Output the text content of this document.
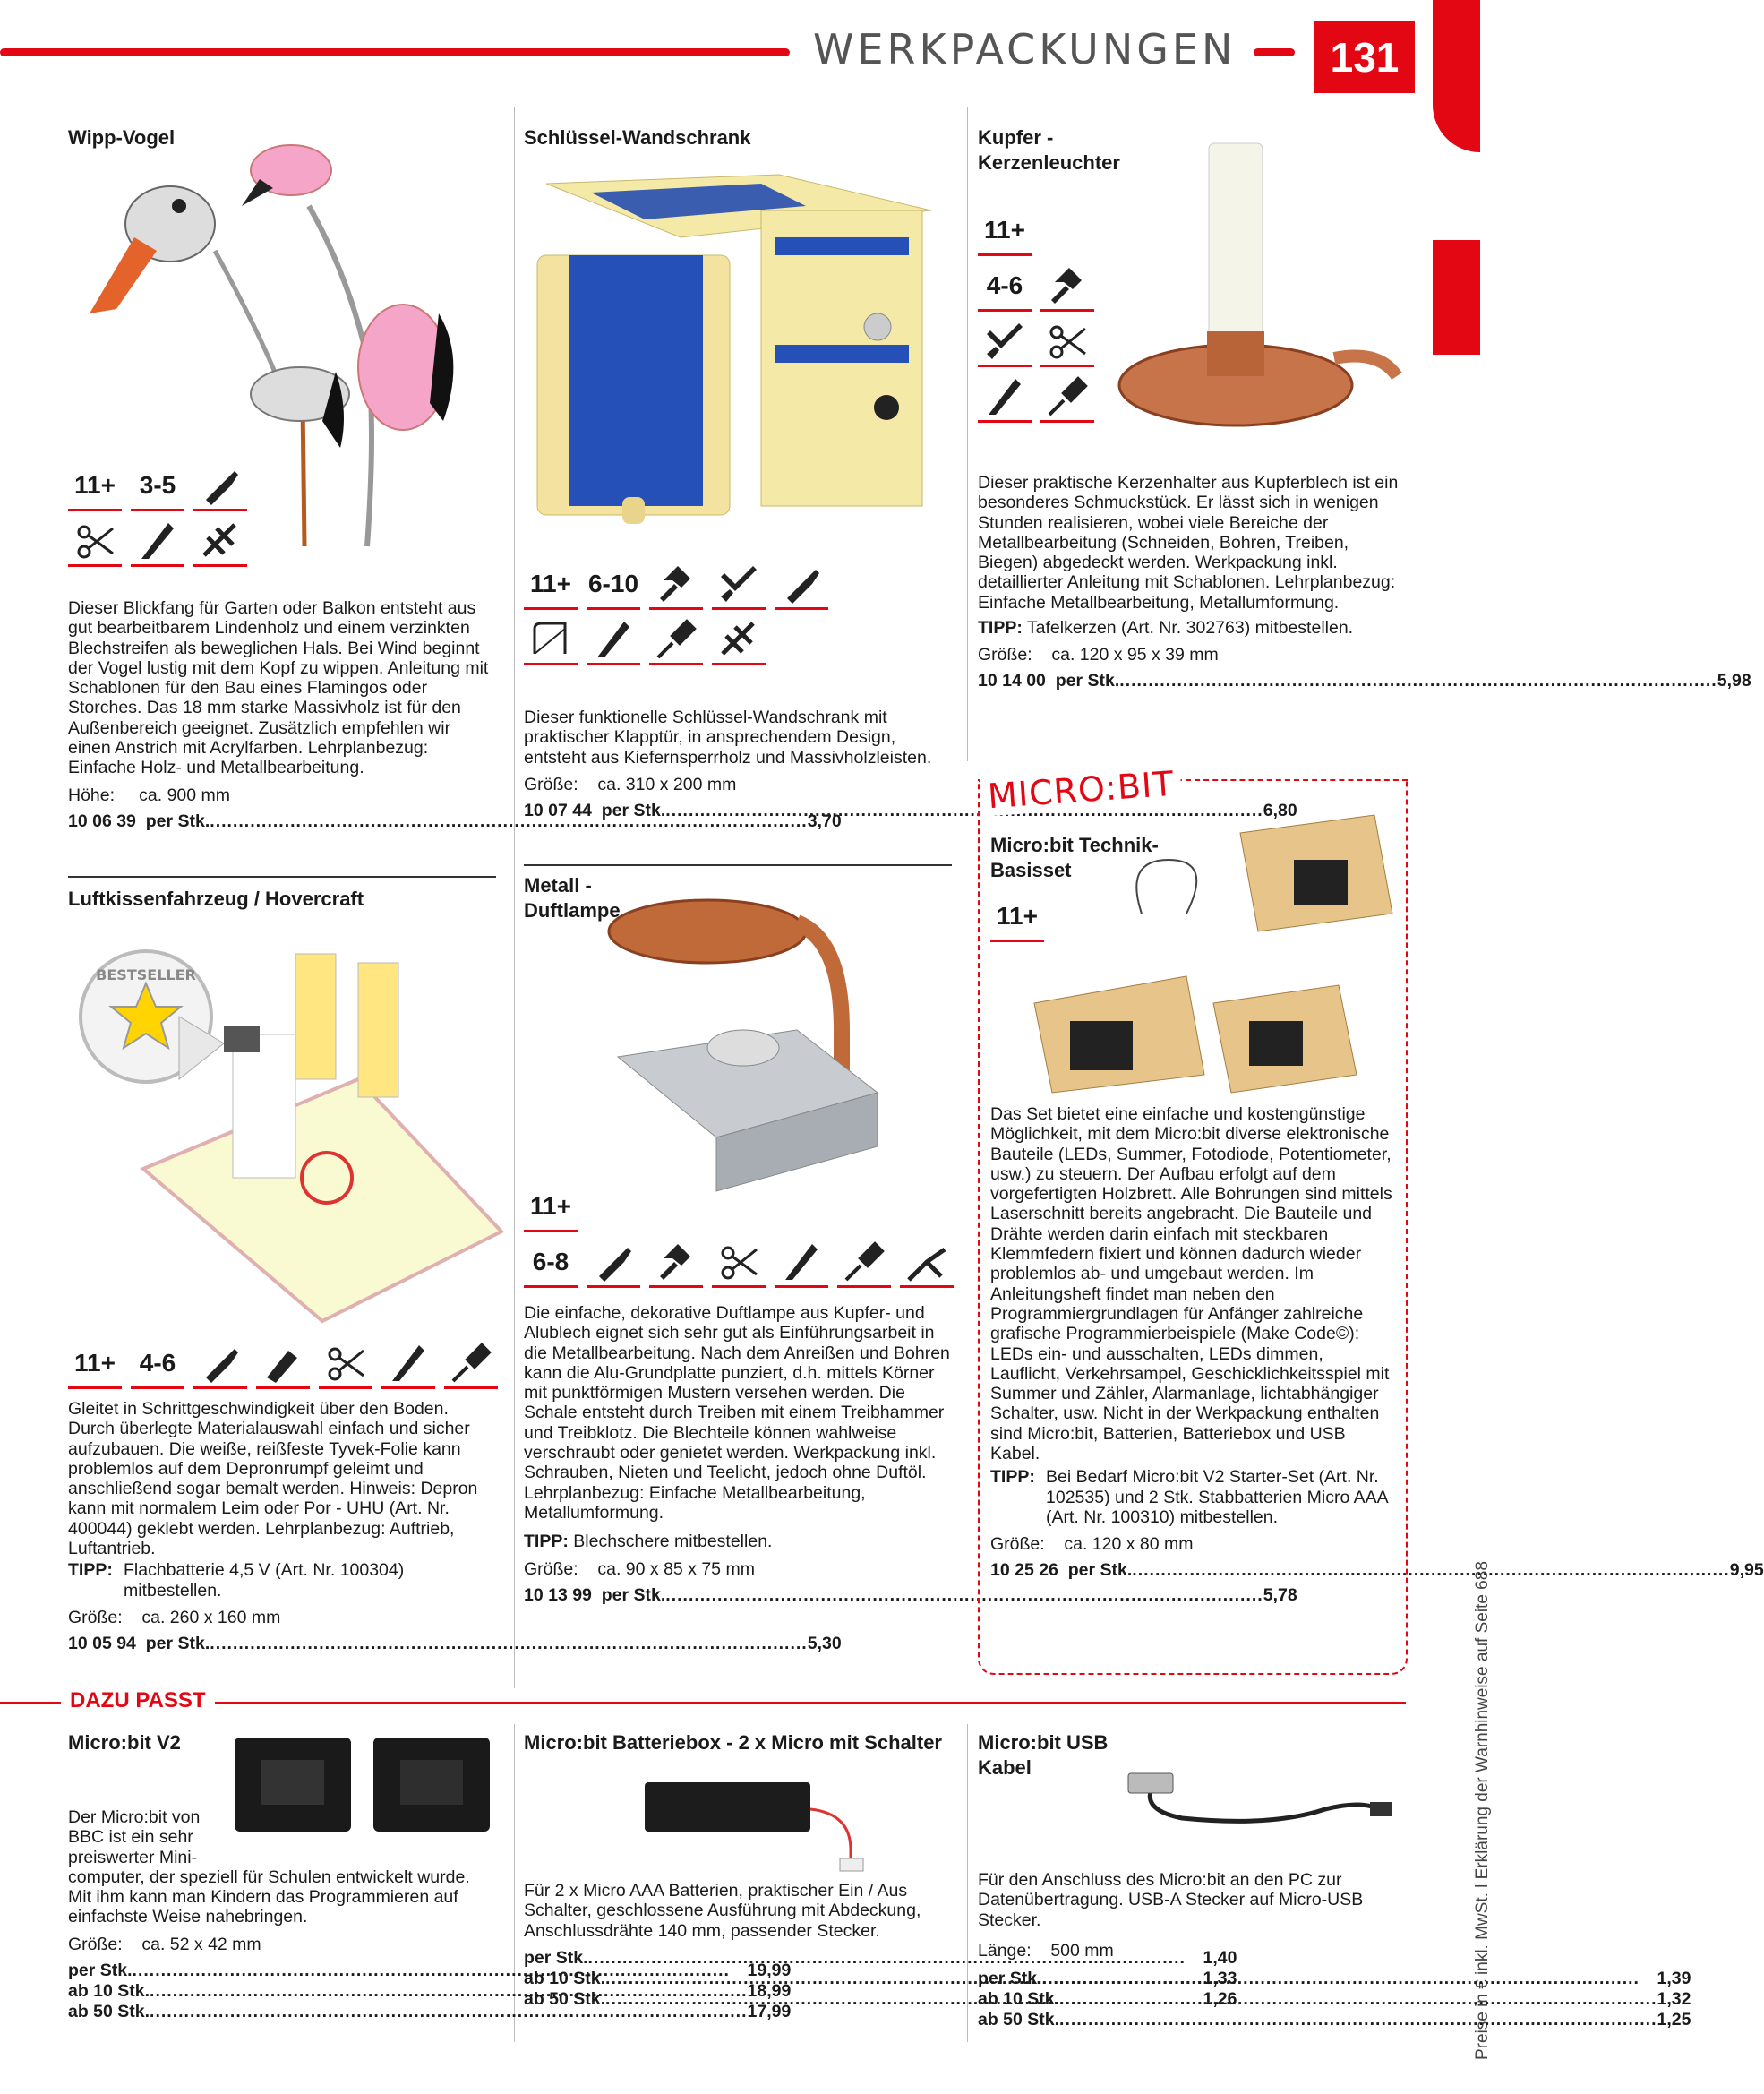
WERKPACKUNGEN	131
Preise in € inkl. MwSt. l Erklärung der Warnhinweise auf Seite 688
Wipp-Vogel
11+ 3-5
Dieser Blickfang für Garten oder Balkon entsteht aus gut bearbeitbarem Lindenholz und einem verzinkten Blechstreifen als beweglichen Hals. Bei Wind beginnt der Vogel lustig mit dem Kopf zu wippen. Anleitung mit Schablonen für den Bau eines Flamingos oder Storches. Das 18 mm starke Massivholz ist für den Außenbereich geeignet. Zusätzlich empfehlen wir einen Anstrich mit Acrylfarben. Lehrplanbezug: Einfache Holz- und Metallbearbeitung.
Höhe: ca. 900 mm
10 06 39
per Stk. .....	3,70
Luftkissenfahrzeug / Hovercraft
BESTSELLER
11+ 4-6
Gleitet in Schrittgeschwindigkeit über den Boden. Durch überlegte Materialauswahl einfach und sicher aufzubauen. Die weiße, reißfeste Tyvek-Folie kann problemlos auf dem Depronrumpf geleimt und anschließend sogar bemalt werden. Hinweis: Depron kann mit normalem Leim oder Por - UHU (Art. Nr. 400044) geklebt werden. Lehrplanbezug: Auftrieb, Luftantrieb.
TIPP: Flachbatterie 4,5 V (Art. Nr. 100304) mitbestellen.
Größe: ca. 260 x 160 mm
10 05 94
per Stk. .....	5,30
Schlüssel-Wandschrank
11+ 6-10
Dieser funktionelle Schlüssel-Wandschrank mit praktischer Klapptür, in ansprechendem Design, entsteht aus Kiefernsperrholz und Massivholzleisten.
Größe: ca. 310 x 200 mm
10 07 44
per Stk. .....	6,80
Metall - Duftlampe
11+
6-8
Die einfache, dekorative Duftlampe aus Kupfer- und Alublech eignet sich sehr gut als Einführungsarbeit in die Metallbearbeitung. Nach dem Anreißen und Bohren kann die Alu-Grundplatte punziert, d.h. mittels Körner mit punktförmigen Mustern versehen werden. Die Schale entsteht durch Treiben mit einem Treibhammer und Treibklotz. Die Blechteile können wahlweise verschraubt oder genietet werden. Werkpackung inkl. Schrauben, Nieten und Teelicht, jedoch ohne Duftöl. Lehrplanbezug: Einfache Metallbearbeitung, Metallumformung.
TIPP: Blechschere mitbestellen.
Größe: ca. 90 x 85 x 75 mm
10 13 99
per Stk. .....	5,78
Kupfer - Kerzenleuchter
11+
4-6
Dieser praktische Kerzenhalter aus Kupferblech ist ein besonderes Schmuckstück. Er lässt sich in wenigen Stunden realisieren, wobei viele Bereiche der Metallbearbeitung (Schneiden, Bohren, Treiben, Biegen) abgedeckt werden. Werkpackung inkl. detaillierter Anleitung mit Schablonen. Lehrplanbezug: Einfache Metallbearbeitung, Metallumformung.
TIPP: Tafelkerzen (Art. Nr. 302763) mitbestellen.
Größe: ca. 120 x 95 x 39 mm
10 14 00
per Stk. .....	5,98
MICRO:BIT
Micro:bit Technik-Basisset
11+
Das Set bietet eine einfache und kostengünstige Möglichkeit, mit dem Micro:bit diverse elektronische Bauteile (LEDs, Summer, Fotodiode, Potentiometer, usw.) zu steuern. Der Aufbau erfolgt auf dem vorgefertigten Holzbrett. Alle Bohrungen sind mittels Laserschnitt bereits angebracht. Die Bauteile und Drähte werden darin einfach mit steckbaren Klemmfedern fixiert und können dadurch wieder problemlos ab- und umgebaut werden. Im Anleitungsheft findet man neben den Programmiergrundlagen für Anfänger zahlreiche grafische Programmierbeispiele (Make Code©): LEDs ein- und ausschalten, LEDs dimmen, Lauflicht, Verkehrsampel, Geschicklichkeitsspiel mit Summer und Zähler, Alarmanlage, lichtabhängiger Schalter, usw. Nicht in der Werkpackung enthalten sind Micro:bit, Batterien, Batteriebox und USB Kabel.
TIPP: Bei Bedarf Micro:bit V2 Starter-Set (Art. Nr. 102535) und 2 Stk. Stabbatterien Micro AAA (Art. Nr. 100310) mitbestellen.
Größe: ca. 120 x 80 mm
10 25 26
per Stk. .....	9,95
DAZU PASST
Micro:bit V2
Der Micro:bit von BBC ist ein sehr preiswerter Mini-
computer, der speziell für Schulen entwickelt wurde. Mit ihm kann man Kindern das Programmieren auf einfachste Weise nahebringen.
Größe: ca. 52 x 42 mm
per Stk. .....	19,99
ab 10 Stk. .....	18,99
ab 50 Stk. .....	17,99
Micro:bit Batteriebox - 2 x Micro mit Schalter
Für 2 x Micro AAA Batterien, praktischer Ein / Aus Schalter, geschlossene Ausführung mit Abdeckung, Anschlussdrähte 140 mm, passender Stecker.
per Stk. .....	1,40
ab 10 Stk. .....	1,33
ab 50 Stk. .....	1,26
Micro:bit USB Kabel
Für den Anschluss des Micro:bit an den PC zur Datenübertragung. USB-A Stecker auf Micro-USB Stecker.
Länge: 500 mm
per Stk. .....	1,39
ab 10 Stk. .....	1,32
ab 50 Stk. .....	1,25
